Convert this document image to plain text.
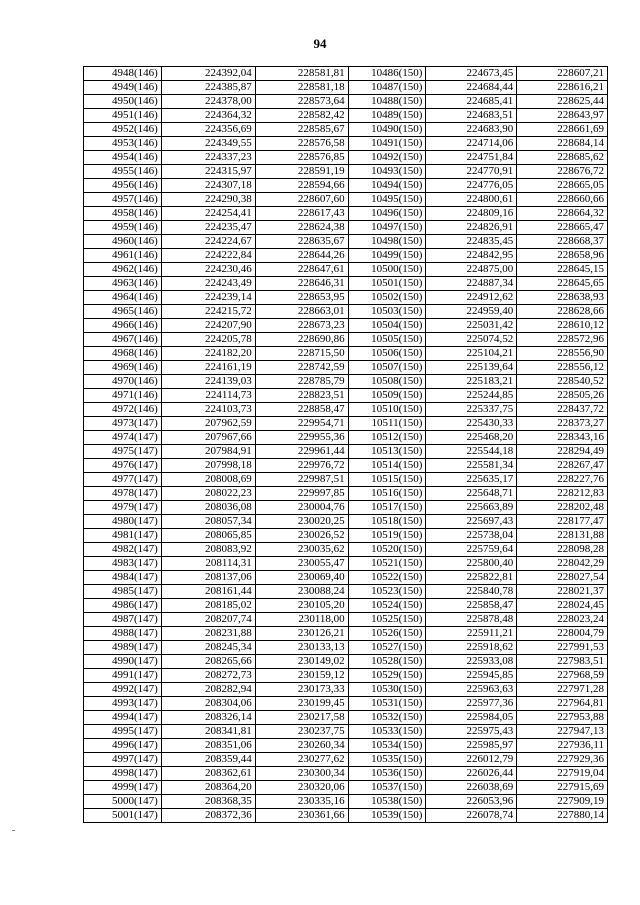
94
4948(146)	224392,04	228581,81	10486(150)	224673,45	228607,21
4949(146)	224385,87	228581,18	10487(150)	224684,44	228616,21
4950(146)	224378,00	228573,64	10488(150)	224685,41	228625,44
4951(146)	224364,32	228582,42	10489(150)	224683,51	228643,97
4952(146)	224356,69	228585,67	10490(150)	224683,90	228661,69
4953(146)	224349,55	228576,58	10491(150)	224714,06	228684,14
4954(146)	224337,23	228576,85	10492(150)	224751,84	228685,62
4955(146)	224315,97	228591,19	10493(150)	224770,91	228676,72
4956(146)	224307,18	228594,66	10494(150)	224776,05	228665,05
4957(146)	224290,38	228607,60	10495(150)	224800,61	228660,66
4958(146)	224254,41	228617,43	10496(150)	224809,16	228664,32
4959(146)	224235,47	228624,38	10497(150)	224826,91	228665,47
4960(146)	224224,67	228635,67	10498(150)	224835,45	228668,37
4961(146)	224222,84	228644,26	10499(150)	224842,95	228658,96
4962(146)	224230,46	228647,61	10500(150)	224875,00	228645,15
4963(146)	224243,49	228646,31	10501(150)	224887,34	228645,65
4964(146)	224239,14	228653,95	10502(150)	224912,62	228638,93
4965(146)	224215,72	228663,01	10503(150)	224959,40	228628,66
4966(146)	224207,90	228673,23	10504(150)	225031,42	228610,12
4967(146)	224205,78	228690,86	10505(150)	225074,52	228572,96
4968(146)	224182,20	228715,50	10506(150)	225104,21	228556,90
4969(146)	224161,19	228742,59	10507(150)	225139,64	228556,12
4970(146)	224139,03	228785,79	10508(150)	225183,21	228540,52
4971(146)	224114,73	228823,51	10509(150)	225244,85	228505,26
4972(146)	224103,73	228858,47	10510(150)	225337,75	228437,72
4973(147)	207962,59	229954,71	10511(150)	225430,33	228373,27
4974(147)	207967,66	229955,36	10512(150)	225468,20	228343,16
4975(147)	207984,91	229961,44	10513(150)	225544,18	228294,49
4976(147)	207998,18	229976,72	10514(150)	225581,34	228267,47
4977(147)	208008,69	229987,51	10515(150)	225635,17	228227,76
4978(147)	208022,23	229997,85	10516(150)	225648,71	228212,83
4979(147)	208036,08	230004,76	10517(150)	225663,89	228202,48
4980(147)	208057,34	230020,25	10518(150)	225697,43	228177,47
4981(147)	208065,85	230026,52	10519(150)	225738,04	228131,88
4982(147)	208083,92	230035,62	10520(150)	225759,64	228098,28
4983(147)	208114,31	230055,47	10521(150)	225800,40	228042,29
4984(147)	208137,06	230069,40	10522(150)	225822,81	228027,54
4985(147)	208161,44	230088,24	10523(150)	225840,78	228021,37
4986(147)	208185,02	230105,20	10524(150)	225858,47	228024,45
4987(147)	208207,74	230118,00	10525(150)	225878,48	228023,24
4988(147)	208231,88	230126,21	10526(150)	225911,21	228004,79
4989(147)	208245,34	230133,13	10527(150)	225918,62	227991,53
4990(147)	208265,66	230149,02	10528(150)	225933,08	227983,51
4991(147)	208272,73	230159,12	10529(150)	225945,85	227968,59
4992(147)	208282,94	230173,33	10530(150)	225963,63	227971,28
4993(147)	208304,06	230199,45	10531(150)	225977,36	227964,81
4994(147)	208326,14	230217,58	10532(150)	225984,05	227953,88
4995(147)	208341,81	230237,75	10533(150)	225975,43	227947,13
4996(147)	208351,06	230260,34	10534(150)	225985,97	227936,11
4997(147)	208359,44	230277,62	10535(150)	226012,79	227929,36
4998(147)	208362,61	230300,34	10536(150)	226026,44	227919,04
4999(147)	208364,20	230320,06	10537(150)	226038,69	227915,69
5000(147)	208368,35	230335,16	10538(150)	226053,96	227909,19
5001(147)	208372,36	230361,66	10539(150)	226078,74	227880,14
